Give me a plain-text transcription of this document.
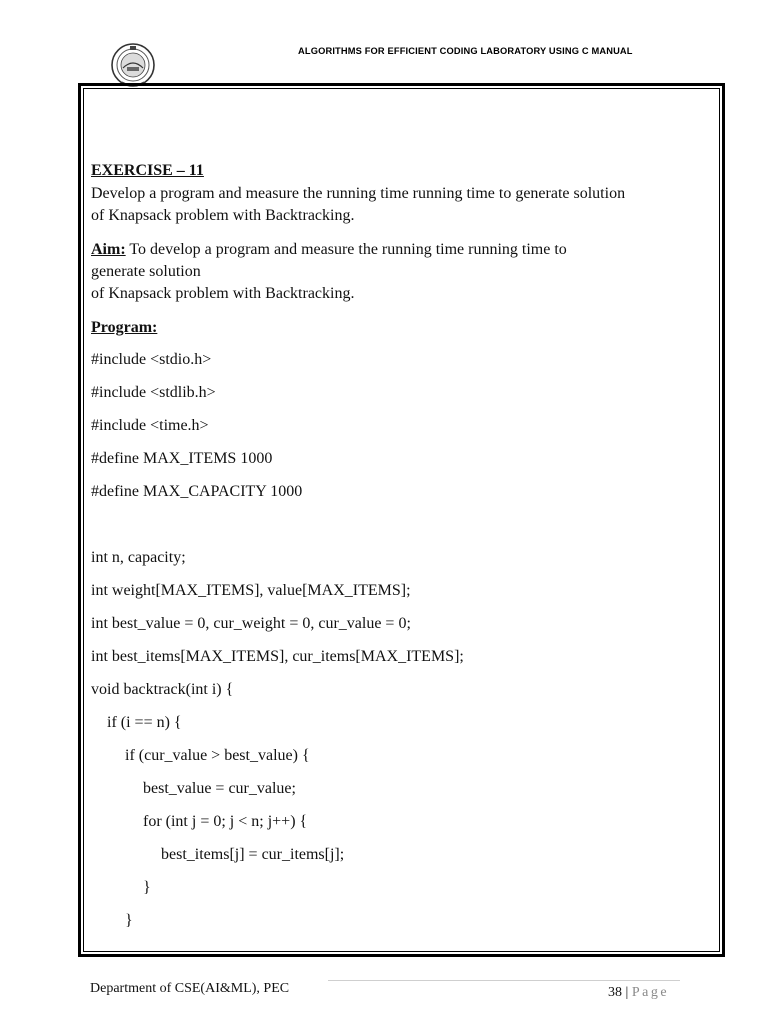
ALGORITHMS FOR EFFICIENT CODING LABORATORY USING C MANUAL
EXERCISE – 11
Develop a program and measure the running time running time to generate solution
of Knapsack problem with Backtracking.
Aim: To develop a program and measure the running time running time to
generate solution
of Knapsack problem with Backtracking.
Program:
#include <stdio.h>
#include <stdlib.h>
#include <time.h>
#define MAX_ITEMS 1000
#define MAX_CAPACITY 1000
int n, capacity;
int weight[MAX_ITEMS], value[MAX_ITEMS];
int best_value = 0, cur_weight = 0, cur_value = 0;
int best_items[MAX_ITEMS], cur_items[MAX_ITEMS];
void backtrack(int i) {
if (i == n) {
if (cur_value > best_value) {
best_value = cur_value;
for (int j = 0; j < n; j++) {
best_items[j] = cur_items[j];
}
}
Department of CSE(AI&ML), PEC	38 | Page
